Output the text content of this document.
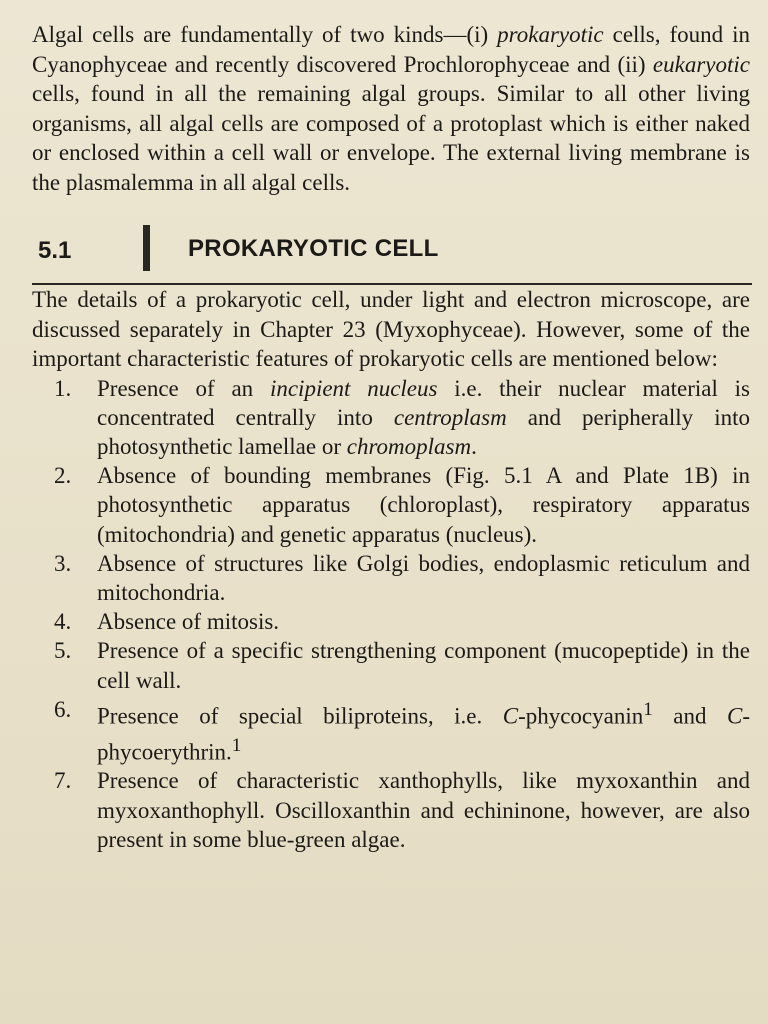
Algal cells are fundamentally of two kinds—(i) prokaryotic cells, found in Cyanophyceae and recently discovered Prochlorophyceae and (ii) eukaryotic cells, found in all the remaining algal groups. Similar to all other living organisms, all algal cells are composed of a protoplast which is either naked or enclosed within a cell wall or envelope. The external living membrane is the plasmalemma in all algal cells.

5.1	PROKARYOTIC CELL

The details of a prokaryotic cell, under light and electron microscope, are discussed separately in Chapter 23 (Myxophyceae). However, some of the important characteristic features of prokaryotic cells are mentioned below:

1. Presence of an incipient nucleus i.e. their nuclear material is concentrated centrally into centroplasm and peripherally into photosynthetic lamellae or chromoplasm.
2. Absence of bounding membranes (Fig. 5.1 A and Plate 1B) in photosynthetic apparatus (chloroplast), respiratory apparatus (mitochondria) and genetic apparatus (nucleus).
3. Absence of structures like Golgi bodies, endoplasmic reticulum and mitochondria.
4. Absence of mitosis.
5. Presence of a specific strengthening component (mucopeptide) in the cell wall.
6. Presence of special biliproteins, i.e. C-phycocyanin$^1$ and C-phycoerythrin.$^1$
7. Presence of characteristic xanthophylls, like myxoxanthin and myxoxanthophyll. Oscilloxanthin and echininone, however, are also present in some blue-green algae.
